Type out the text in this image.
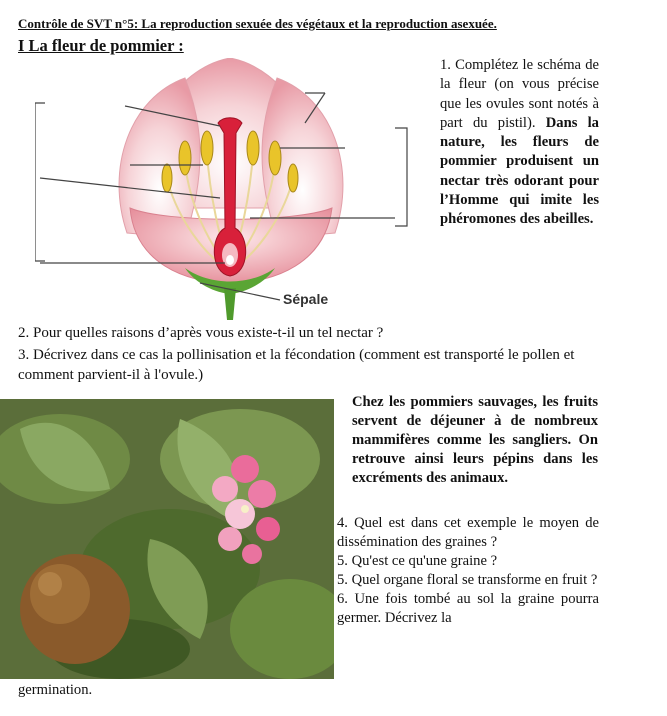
Contrôle de SVT n°5: La reproduction sexuée des végétaux et la reproduction asexuée.
I La fleur de pommier :
Sépale
1. Complétez le schéma de la fleur (on vous précise que les ovules sont notés à part du pistil). Dans la nature, les fleurs de pommier produisent un nectar très odorant pour l’Homme qui imite les phéromones des abeilles.
2. Pour quelles raisons d’après vous existe-t-il un tel nectar ?
3. Décrivez dans ce cas la pollinisation et la fécondation (comment est transporté le pollen et comment parvient-il à l'ovule.)
Chez les pommiers sauvages, les fruits servent de déjeuner à de nombreux mammifères comme les sangliers. On retrouve ainsi leurs pépins dans les excréments des animaux.

4. Quel est dans cet exemple le moyen de dissémination des graines ?

5. Qu'est ce qu'une graine ?

5. Quel organe floral se transforme en fruit ?

6. Une fois tombé au sol la graine pourra germer. Décrivez la

germination.
